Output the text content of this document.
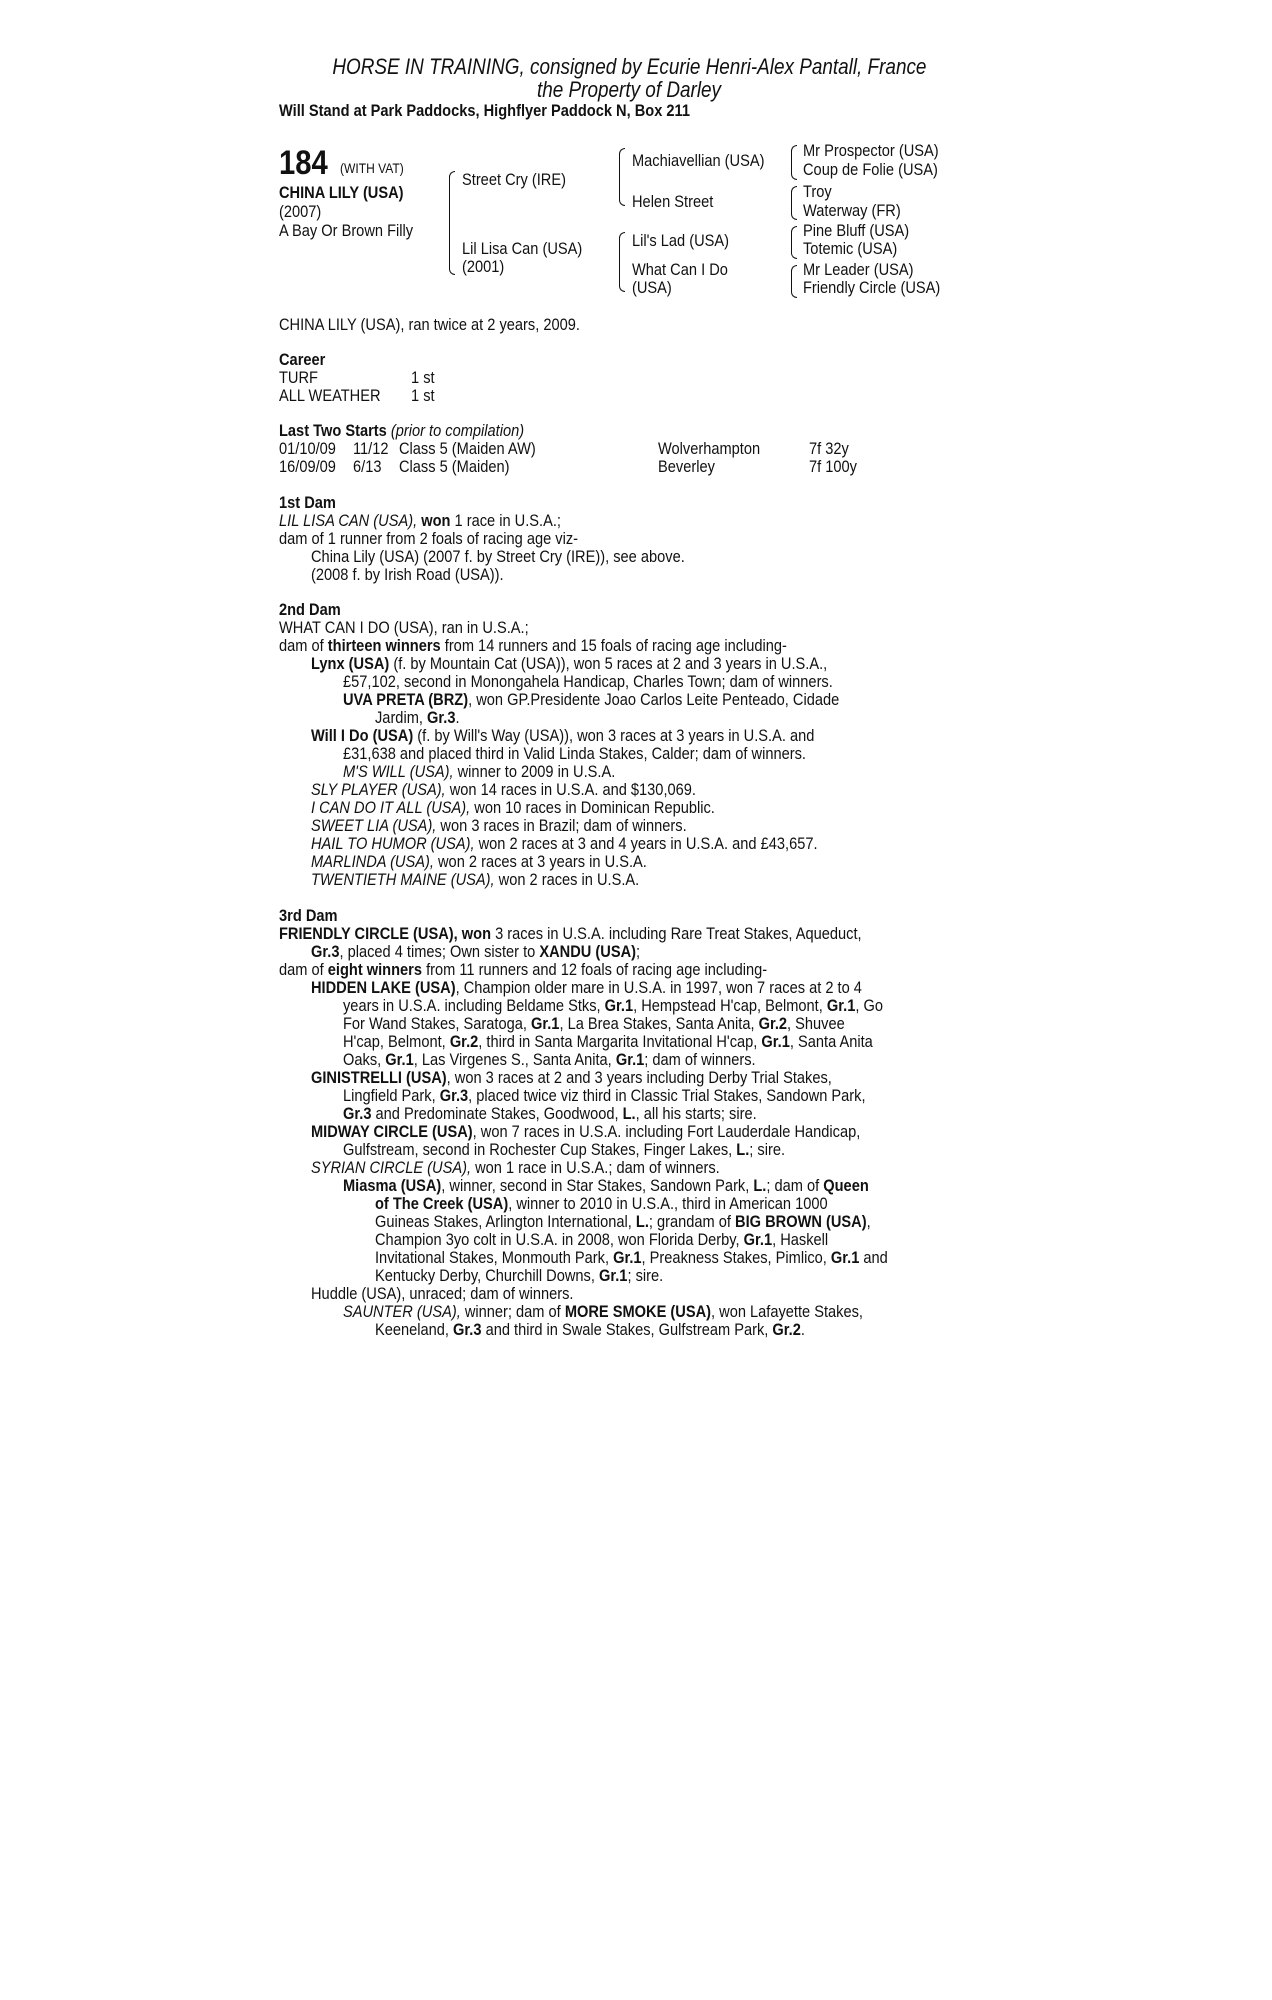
HORSE IN TRAINING, consigned by Ecurie Henri-Alex Pantall, France
the Property of Darley
Will Stand at Park Paddocks, Highflyer Paddock N, Box 211
184 (WITH VAT)
CHINA LILY (USA)
(2007)
A Bay Or Brown Filly
Street Cry (IRE)
Lil Lisa Can (USA)
(2001)
Machiavellian (USA)
Helen Street
Lil's Lad (USA)
What Can I Do
(USA)
Mr Prospector (USA)
Coup de Folie (USA)
Troy
Waterway (FR)
Pine Bluff (USA)
Totemic (USA)
Mr Leader (USA)
Friendly Circle (USA)
CHINA LILY (USA), ran twice at 2 years, 2009.
Career
TURF	1 st
ALL WEATHER	1 st
Last Two Starts (prior to compilation)
01/10/09	11/12 Class 5 (Maiden AW)	Wolverhampton	7f 32y
16/09/09	6/13 Class 5 (Maiden)	Beverley	7f 100y
1st Dam
LIL LISA CAN (USA), won 1 race in U.S.A.;
dam of 1 runner from 2 foals of racing age viz-
China Lily (USA) (2007 f. by Street Cry (IRE)), see above.
(2008 f. by Irish Road (USA)).
2nd Dam
WHAT CAN I DO (USA), ran in U.S.A.;
dam of thirteen winners from 14 runners and 15 foals of racing age including-
Lynx (USA) (f. by Mountain Cat (USA)), won 5 races at 2 and 3 years in U.S.A.,
£57,102, second in Monongahela Handicap, Charles Town; dam of winners.
UVA PRETA (BRZ), won GP.Presidente Joao Carlos Leite Penteado, Cidade
Jardim, Gr.3.
Will I Do (USA) (f. by Will's Way (USA)), won 3 races at 3 years in U.S.A. and
£31,638 and placed third in Valid Linda Stakes, Calder; dam of winners.
M'S WILL (USA), winner to 2009 in U.S.A.
SLY PLAYER (USA), won 14 races in U.S.A. and $130,069.
I CAN DO IT ALL (USA), won 10 races in Dominican Republic.
SWEET LIA (USA), won 3 races in Brazil; dam of winners.
HAIL TO HUMOR (USA), won 2 races at 3 and 4 years in U.S.A. and £43,657.
MARLINDA (USA), won 2 races at 3 years in U.S.A.
TWENTIETH MAINE (USA), won 2 races in U.S.A.
3rd Dam
FRIENDLY CIRCLE (USA), won 3 races in U.S.A. including Rare Treat Stakes, Aqueduct,
Gr.3, placed 4 times; Own sister to XANDU (USA);
dam of eight winners from 11 runners and 12 foals of racing age including-
HIDDEN LAKE (USA), Champion older mare in U.S.A. in 1997, won 7 races at 2 to 4
years in U.S.A. including Beldame Stks, Gr.1, Hempstead H'cap, Belmont, Gr.1, Go
For Wand Stakes, Saratoga, Gr.1, La Brea Stakes, Santa Anita, Gr.2, Shuvee
H'cap, Belmont, Gr.2, third in Santa Margarita Invitational H'cap, Gr.1, Santa Anita
Oaks, Gr.1, Las Virgenes S., Santa Anita, Gr.1; dam of winners.
GINISTRELLI (USA), won 3 races at 2 and 3 years including Derby Trial Stakes,
Lingfield Park, Gr.3, placed twice viz third in Classic Trial Stakes, Sandown Park,
Gr.3 and Predominate Stakes, Goodwood, L., all his starts; sire.
MIDWAY CIRCLE (USA), won 7 races in U.S.A. including Fort Lauderdale Handicap,
Gulfstream, second in Rochester Cup Stakes, Finger Lakes, L.; sire.
SYRIAN CIRCLE (USA), won 1 race in U.S.A.; dam of winners.
Miasma (USA), winner, second in Star Stakes, Sandown Park, L.; dam of Queen
of The Creek (USA), winner to 2010 in U.S.A., third in American 1000
Guineas Stakes, Arlington International, L.; grandam of BIG BROWN (USA),
Champion 3yo colt in U.S.A. in 2008, won Florida Derby, Gr.1, Haskell
Invitational Stakes, Monmouth Park, Gr.1, Preakness Stakes, Pimlico, Gr.1 and
Kentucky Derby, Churchill Downs, Gr.1; sire.
Huddle (USA), unraced; dam of winners.
SAUNTER (USA), winner; dam of MORE SMOKE (USA), won Lafayette Stakes,
Keeneland, Gr.3 and third in Swale Stakes, Gulfstream Park, Gr.2.
